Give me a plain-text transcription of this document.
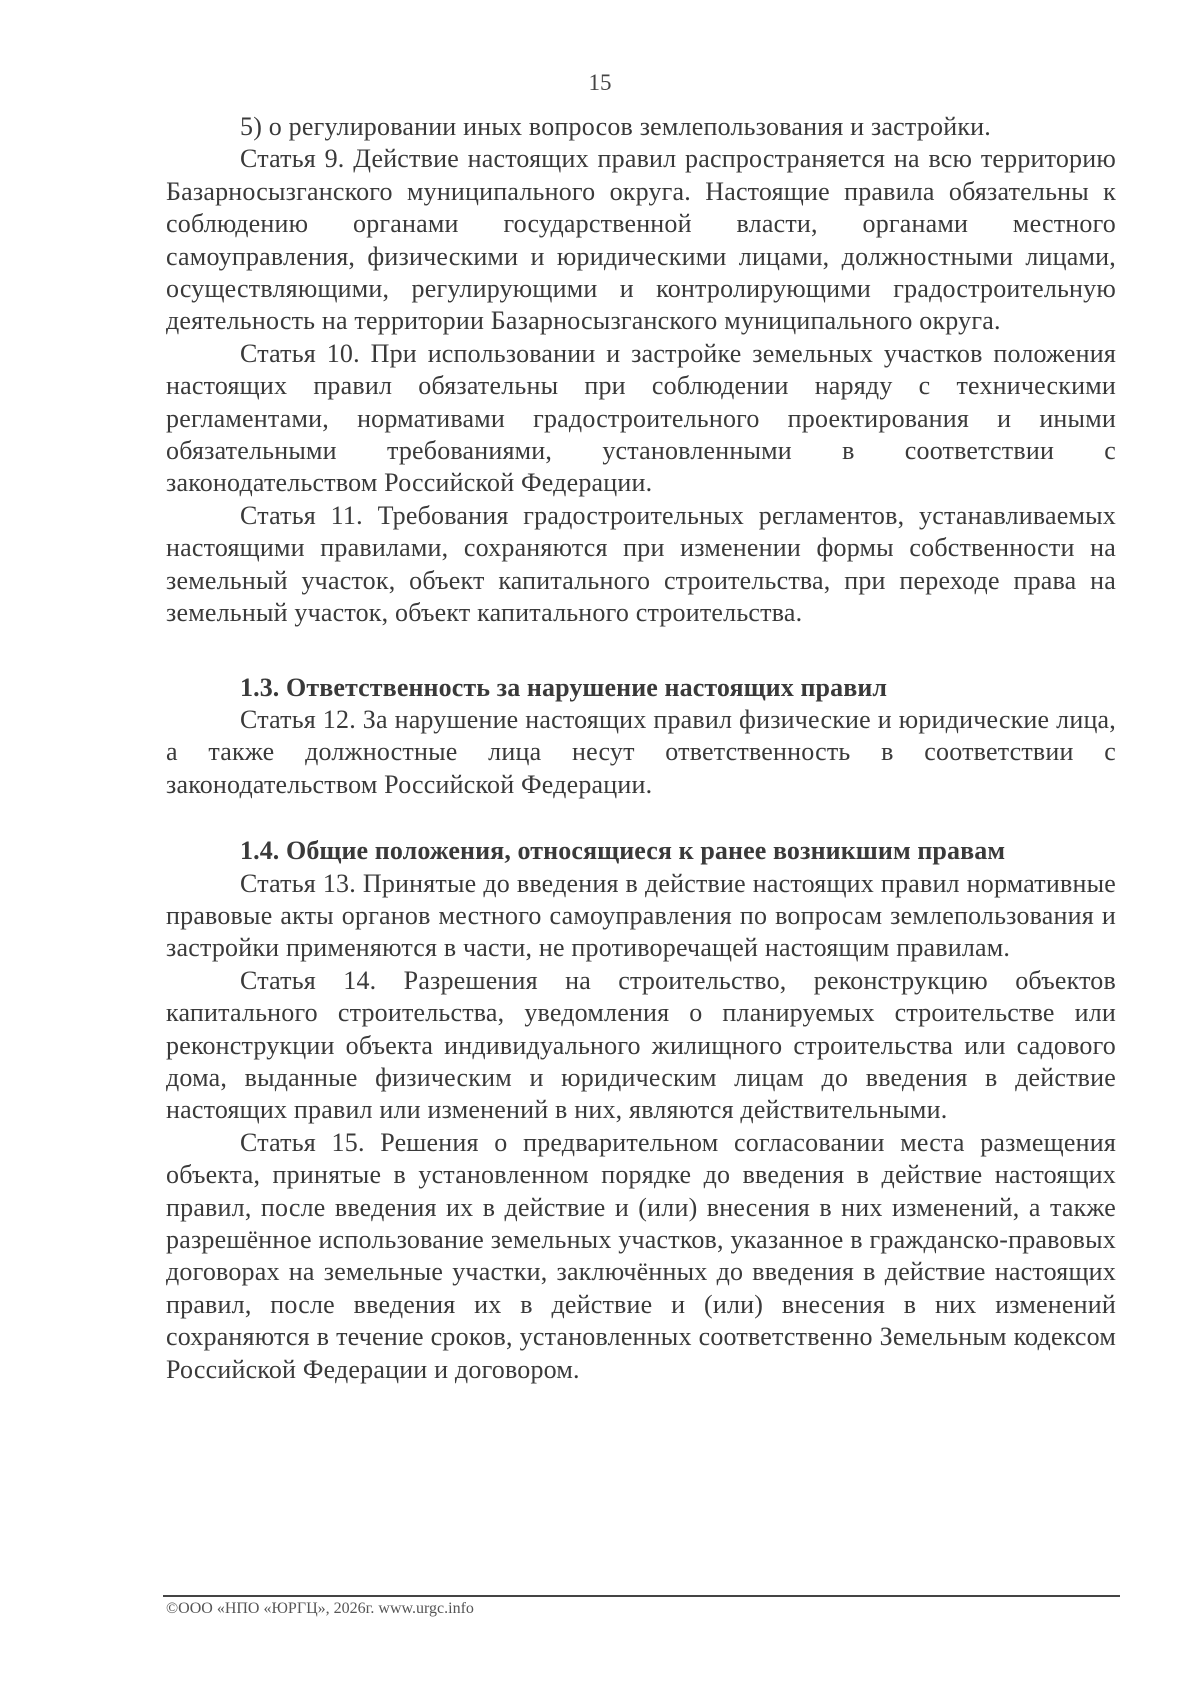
15

5) о регулировании иных вопросов землепользования и застройки.

Статья 9. Действие настоящих правил распространяется на всю территорию Базарносызганского муниципального округа. Настоящие правила обязательны к соблюдению органами государственной власти, органами местного самоуправления, физическими и юридическими лицами, должностными лицами, осуществляющими, регулирующими и контролирующими градостроительную деятельность на территории Базарносызганского муниципального округа.

Статья 10. При использовании и застройке земельных участков положения настоящих правил обязательны при соблюдении наряду с техническими регламентами, нормативами градостроительного проектирования и иными обязательными требованиями, установленными в соответствии с законодательством Российской Федерации.

Статья 11. Требования градостроительных регламентов, устанавливаемых настоящими правилами, сохраняются при изменении формы собственности на земельный участок, объект капитального строительства, при переходе права на земельный участок, объект капитального строительства.

1.3. Ответственность за нарушение настоящих правил

Статья 12. За нарушение настоящих правил физические и юридические лица, а также должностные лица несут ответственность в соответствии с законодательством Российской Федерации.

1.4. Общие положения, относящиеся к ранее возникшим правам

Статья 13. Принятые до введения в действие настоящих правил нормативные правовые акты органов местного самоуправления по вопросам землепользования и застройки применяются в части, не противоречащей настоящим правилам.

Статья 14. Разрешения на строительство, реконструкцию объектов капитального строительства, уведомления о планируемых строительстве или реконструкции объекта индивидуального жилищного строительства или садового дома, выданные физическим и юридическим лицам до введения в действие настоящих правил или изменений в них, являются действительными.

Статья 15. Решения о предварительном согласовании места размещения объекта, принятые в установленном порядке до введения в действие настоящих правил, после введения их в действие и (или) внесения в них изменений, а также разрешённое использование земельных участков, указанное в гражданско-правовых договорах на земельные участки, заключённых до введения в действие настоящих правил, после введения их в действие и (или) внесения в них изменений сохраняются в течение сроков, установленных соответственно Земельным кодексом Российской Федерации и договором.

©ООО «НПО «ЮРГЦ», 2026г. www.urgc.info
